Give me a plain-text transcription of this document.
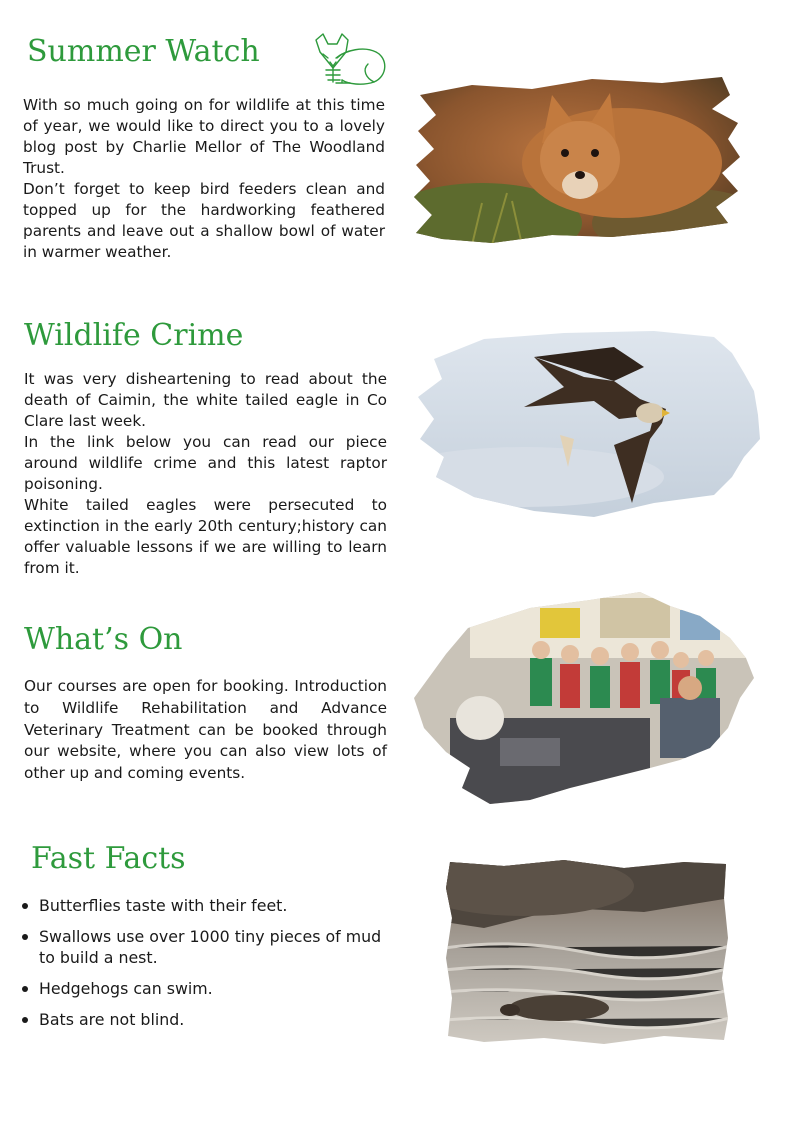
Summer Watch

With so much going on for wildlife at this time of year, we would like to direct you to a lovely blog post by Charlie Mellor of The Woodland Trust.

Don’t forget to keep bird feeders clean and topped up for the hardworking feathered parents and leave out a shallow bowl of water in warmer weather.

Wildlife Crime

It was very disheartening to read about the death of Caimin, the white tailed eagle in Co Clare last week.

In the link below you can read our piece around wildlife crime and this latest raptor poisoning.

White tailed eagles were persecuted to extinction in the early 20th century;history can offer valuable lessons if we are willing to learn from it.

What’s On

Our courses are open for booking. Introduction to Wildlife Rehabilitation and Advance Veterinary Treatment can be booked through our website, where you can also view lots of other up and coming events.

Fast Facts
Butterflies taste with their feet.
Swallows use over 1000 tiny pieces of mud to build a nest.
Hedgehogs can swim.
Bats are not blind.
